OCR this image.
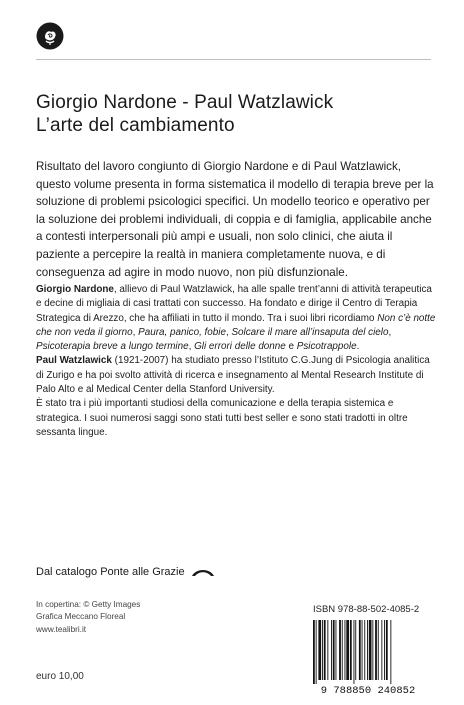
Giorgio Nardone - Paul Watzlawick
L’arte del cambiamento

Risultato del lavoro congiunto di Giorgio Nardone e di Paul Watzlawick, questo volume presenta in forma sistematica il modello di terapia breve per la soluzione di problemi psicologici specifici. Un modello teorico e operativo per la soluzione dei problemi individuali, di coppia e di famiglia, applicabile anche a contesti interpersonali più ampi e usuali, non solo clinici, che aiuta il paziente a percepire la realtà in maniera completamente nuova, e di conseguenza ad agire in modo nuovo, non più disfunzionale.

Giorgio Nardone, allievo di Paul Watzlawick, ha alle spalle trent’anni di attività terapeutica e decine di migliaia di casi trattati con successo. Ha fondato e dirige il Centro di Terapia Strategica di Arezzo, che ha affiliati in tutto il mondo. Tra i suoi libri ricordiamo Non c’è notte che non veda il giorno, Paura, panico, fobie, Solcare il mare all’insaputa del cielo, Psicoterapia breve a lungo termine, Gli errori delle donne e Psicotrappole.

Paul Watzlawick (1921-2007) ha studiato presso l’Istituto C.G.Jung di Psicologia analitica di Zurigo e ha poi svolto attività di ricerca e insegnamento al Mental Research Institute di Palo Alto e al Medical Center della Stanford University.

È stato tra i più importanti studiosi della comunicazione e della terapia sistemica e strategica. I suoi numerosi saggi sono stati tutti best seller e sono stati tradotti in oltre sessanta lingue.

Dal catalogo Ponte alle Grazie
In copertina: © Getty Images
Grafica Meccano Floreal
www.tealibri.it
euro 10,00
ISBN 978-88-502-4085-2
9 788850 240852
